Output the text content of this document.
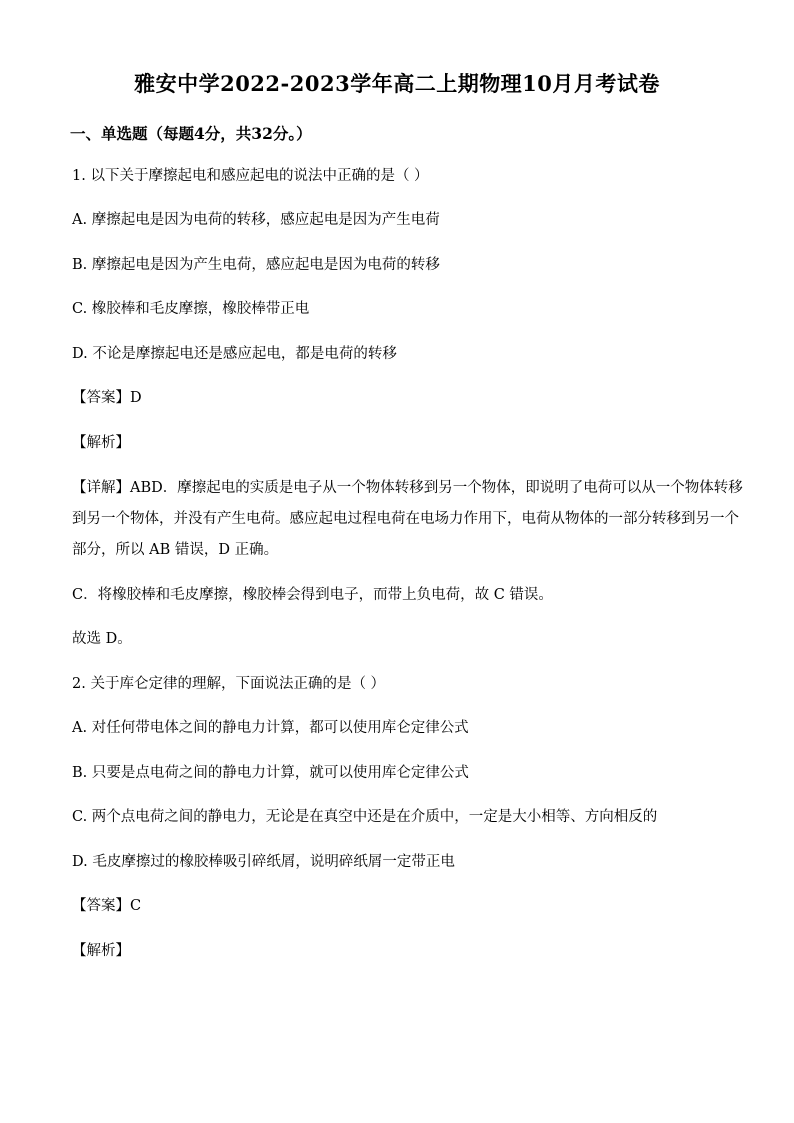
雅安中学2022-2023学年高二上期物理10月月考试卷
一、单选题（每题4分，共32分。）
1. 以下关于摩擦起电和感应起电的说法中正确的是（ ）
A. 摩擦起电是因为电荷的转移，感应起电是因为产生电荷
B. 摩擦起电是因为产生电荷，感应起电是因为电荷的转移
C. 橡胶棒和毛皮摩擦，橡胶棒带正电
D. 不论是摩擦起电还是感应起电，都是电荷的转移
【答案】D
【解析】
【详解】ABD．摩擦起电的实质是电子从一个物体转移到另一个物体，即说明了电荷可以从一个物体转移
到另一个物体，并没有产生电荷。感应起电过程电荷在电场力作用下，电荷从物体的一部分转移到另一个
部分，所以 AB 错误，D 正确。
C．将橡胶棒和毛皮摩擦，橡胶棒会得到电子，而带上负电荷，故 C 错误。
故选 D。
2. 关于库仑定律的理解，下面说法正确的是（ ）
A. 对任何带电体之间的静电力计算，都可以使用库仑定律公式
B. 只要是点电荷之间的静电力计算，就可以使用库仑定律公式
C. 两个点电荷之间的静电力，无论是在真空中还是在介质中，一定是大小相等、方向相反的
D. 毛皮摩擦过的橡胶棒吸引碎纸屑，说明碎纸屑一定带正电
【答案】C
【解析】
